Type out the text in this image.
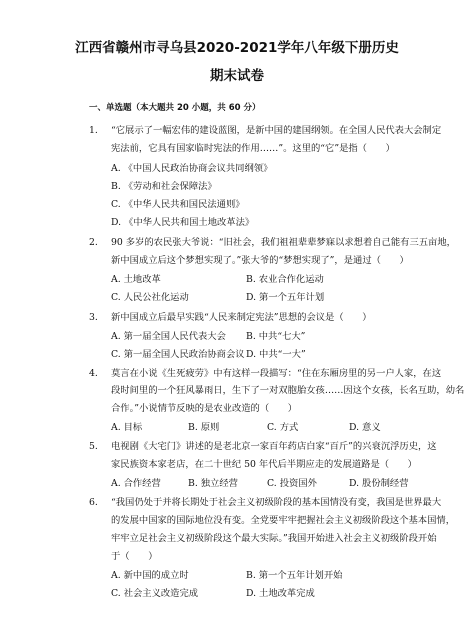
江西省赣州市寻乌县2020-2021学年八年级下册历史
期末试卷
一、单选题（本大题共 20 小题，共 60 分）
1. “它展示了一幅宏伟的建设蓝图，是新中国的建国纲领。在全国人民代表大会制定
宪法前，它具有国家临时宪法的作用……”。这里的“它”是指（　　）
A. 《中国人民政治协商会议共同纲领》
B. 《劳动和社会保障法》
C. 《中华人民共和国民法通则》
D. 《中华人民共和国土地改革法》
2. 90 多岁的农民张大爷说：“旧社会，我们祖祖辈辈梦寐以求想着自己能有三五亩地，
新中国成立后这个梦想实现了。”张大爷的“梦想实现了”，是通过（　　）
A. 土地改革	B. 农业合作化运动
C. 人民公社化运动	D. 第一个五年计划
3. 新中国成立后最早实践“人民来制定宪法”思想的会议是（　　）
A. 第一届全国人民代表大会 B. 中共“七大”
C. 第一届全国人民政治协商会议 D. 中共“一大”
4. 莫言在小说《生死疲劳》中有这样一段描写：“住在东厢房里的另一户人家，在这
段时间里的一个狂风暴雨日，生下了一对双胞胎女孩……因这个女孩，长名互助，幼名
合作。”小说情节反映的是农业改造的（　　）
A. 目标	B. 原则	C. 方式	D. 意义
5. 电视剧《大宅门》讲述的是老北京一家百年药店白家“百斤”的兴衰沉浮历史，这
家民族资本家老店，在二十世纪 50 年代后半期应走的发展道路是（　　）
A. 合作经营	B. 独立经营	C. 投资国外	D. 股份制经营
6. “我国仍处于并将长期处于社会主义初级阶段的基本国情没有变，我国是世界最大
的发展中国家的国际地位没有变。全党要牢牢把握社会主义初级阶段这个基本国情，
牢牢立足社会主义初级阶段这个最大实际。”我国开始进入社会主义初级阶段开始
于（　　）
A. 新中国的成立时	B. 第一个五年计划开始
C. 社会主义改造完成	D. 土地改革完成
